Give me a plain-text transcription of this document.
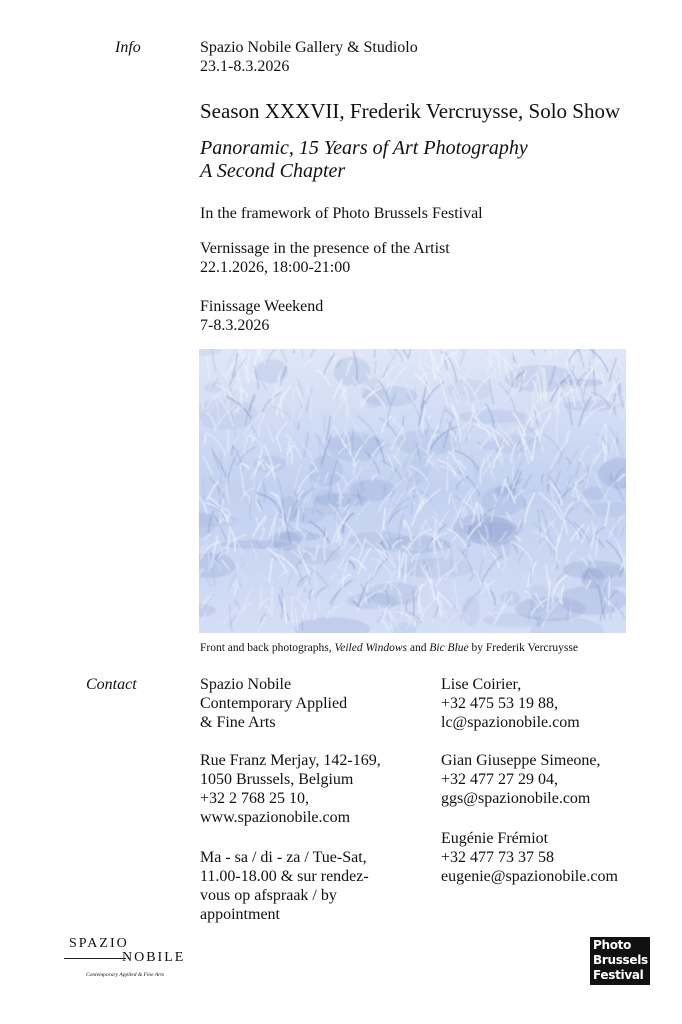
Info	Spazio Nobile Gallery & Studiolo
23.1-8.3.2026
Season XXXVII, Frederik Vercruysse, Solo Show
Panoramic, 15 Years of Art Photography
A Second Chapter
In the framework of Photo Brussels Festival
Vernissage in the presence of the Artist
22.1.2026, 18:00-21:00
Finissage Weekend
7-8.3.2026
Front and back photographs, Veiled Windows and Bic Blue by Frederik Vercruysse
Contact	Spazio Nobile
Contemporary Applied
& Fine Arts
Rue Franz Merjay, 142-169,
1050 Brussels, Belgium
+32 2 768 25 10,
www.spazionobile.com
Ma - sa / di - za / Tue-Sat,
11.00-18.00 & sur rendez-
vous op afspraak / by
appointment
Lise Coirier,
+32 475 53 19 88,
lc@spazionobile.com
Gian Giuseppe Simeone,
+32 477 27 29 04,
ggs@spazionobile.com
Eugénie Frémiot
+32 477 73 37 58
eugenie@spazionobile.com
SPAZIO
NOBILE
Contemporary Applied & Fine Arts
Photo
Brussels
Festival
